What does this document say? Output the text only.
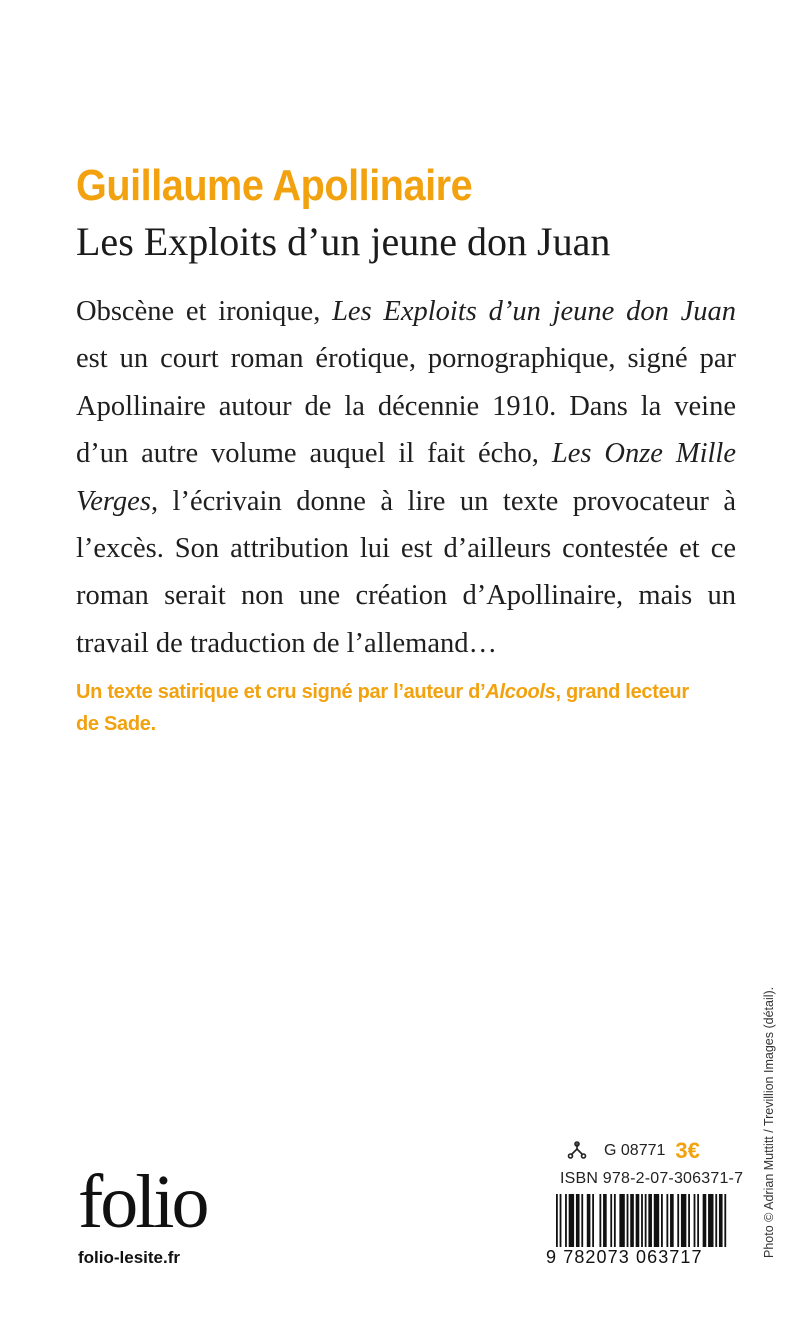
Guillaume Apollinaire
Les Exploits d’un jeune don Juan
Obscène et ironique, Les Exploits d’un jeune don Juan
est un court roman érotique, pornographique, signé par
Apollinaire autour de la décennie 1910. Dans la veine
d’un autre volume auquel il fait écho, Les Onze Mille
Verges, l’écrivain donne à lire un texte provocateur à
l’excès. Son attribution lui est d’ailleurs contestée et ce
roman serait non une création d’Apollinaire, mais un
travail de traduction de l’allemand…
Un texte satirique et cru signé par l’auteur d’Alcools, grand lecteur
de Sade.
Photo © Adrian Muttitt / Trevillion Images (détail).
folio
folio-lesite.fr
G 08771 3€
ISBN 978-2-07-306371-7
9 782073 063717
